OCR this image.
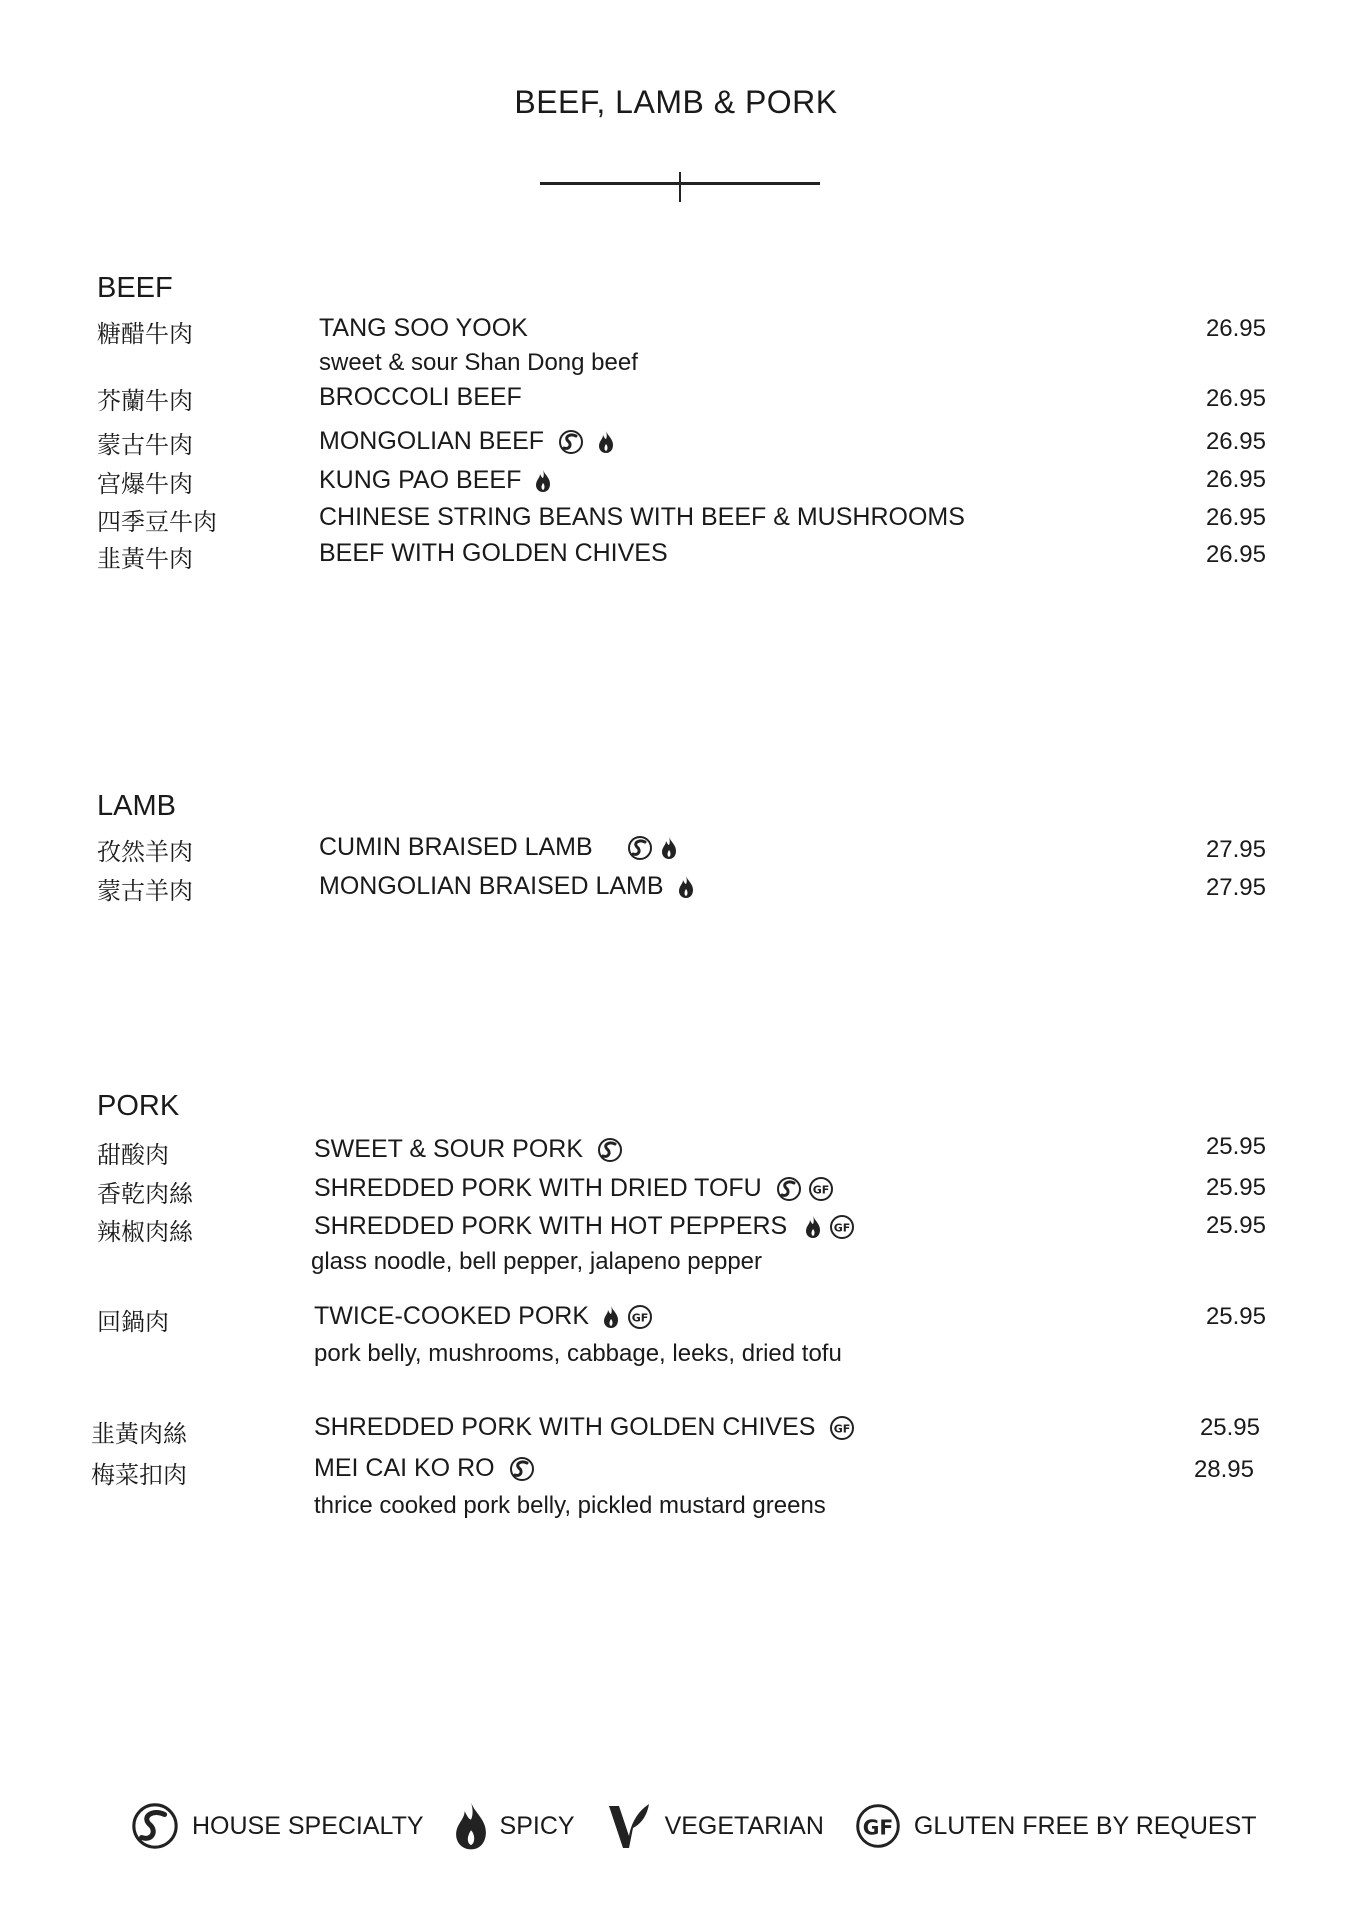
BEEF, LAMB & PORK
BEEF
糖醋牛肉	TANG SOO YOOK
sweet & sour Shan Dong beef
26.95
芥蘭牛肉	BROCCOLI BEEF	26.95
蒙古牛肉	MONGOLIAN BEEF	26.95
宫爆牛肉	KUNG PAO BEEF	26.95
四季豆牛肉	CHINESE STRING BEANS WITH BEEF & MUSHROOMS	26.95
韭黃牛肉	BEEF WITH GOLDEN CHIVES	26.95
LAMB
孜然羊肉	CUMIN BRAISED LAMB	27.95
蒙古羊肉	MONGOLIAN BRAISED LAMB	27.95
PORK
甜酸肉	SWEET & SOUR PORK	25.95
香乾肉絲	SHREDDED PORK WITH DRIED TOFU	GF	25.95
辣椒肉絲	SHREDDED PORK WITH HOT PEPPERS	GF
glass noodle, bell pepper, jalapeno pepper
25.95
回鍋肉	TWICE-COOKED PORK	GF
pork belly, mushrooms, cabbage, leeks, dried tofu
25.95
韭黃肉絲	SHREDDED PORK WITH GOLDEN CHIVES GF	25.95
梅菜扣肉	MEI CAI KO RO
thrice cooked pork belly, pickled mustard greens
28.95
HOUSE SPECIALTY	SPICY	VEGETARIAN	GF GLUTEN FREE BY REQUEST
